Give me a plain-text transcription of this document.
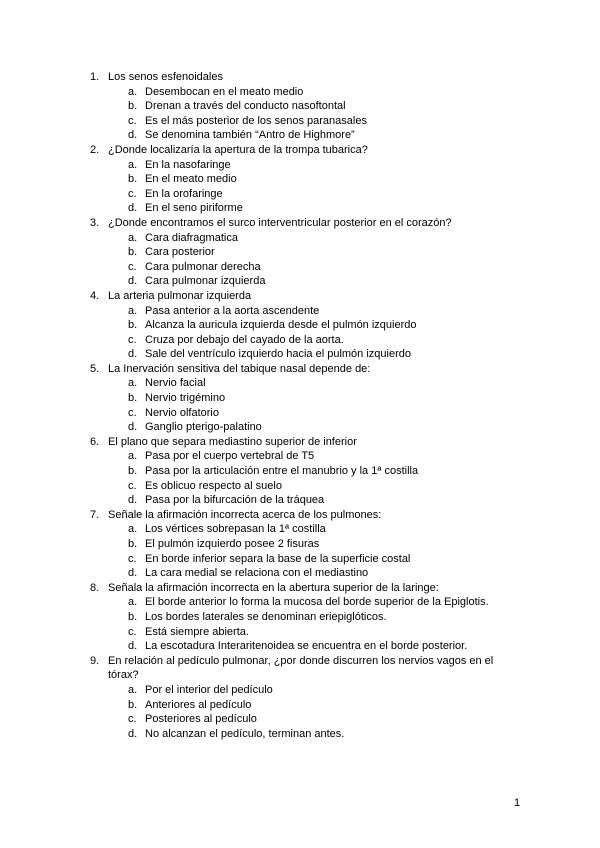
1. Los senos esfenoidales
a. Desembocan en el meato medio
b. Drenan a través del conducto nasoftontal
c. Es el más posterior de los senos paranasales
d. Se denomina también “Antro de Highmore”
2. ¿Donde localizaría la apertura de la trompa tubarica?
a. En la nasofaringe
b. En el meato medio
c. En la orofaringe
d. En el seno piriforme
3. ¿Donde encontramos el surco interventricular posterior en el corazón?
a. Cara diafragmatica
b. Cara posterior
c. Cara pulmonar derecha
d. Cara pulmonar izquierda
4. La arteria pulmonar izquierda
a. Pasa anterior a la aorta ascendente
b. Alcanza la auricula izquierda desde el pulmón izquierdo
c. Cruza por debajo del cayado de la aorta.
d. Sale del ventrículo izquierdo hacia el pulmón izquierdo
5. La Inervación sensitiva del tabique nasal depende de:
a. Nervio facial
b. Nervio trigémino
c. Nervio olfatorio
d. Ganglio pterigo-palatino
6. El plano que separa mediastino superior de inferior
a. Pasa por el cuerpo vertebral de T5
b. Pasa por la articulación entre el manubrio y la 1ª costilla
c. Es oblicuo respecto al suelo
d. Pasa por la bifurcación de la tráquea
7. Señale la afirmación incorrecta acerca de los pulmones:
a. Los vértices sobrepasan la 1ª costilla
b. El pulmón izquierdo posee 2 fisuras
c. En borde inferior separa la base de la superficie costal
d. La cara medial se relaciona con el mediastino
8. Señala la afirmación incorrecta en la abertura superior de la laringe:
a. El borde anterior lo forma la mucosa del borde superior de la Epiglotis.
b. Los bordes laterales se denominan eriepiglóticos.
c. Está siempre abierta.
d. La escotadura Interaritenoidea se encuentra en el borde posterior.
9. En relación al pedículo pulmonar, ¿por donde discurren los nervios vagos en el tórax?
a. Por el interior del pedículo
b. Anteriores al pedículo
c. Posteriores al pedículo
d. No alcanzan el pedículo, terminan antes.
1
